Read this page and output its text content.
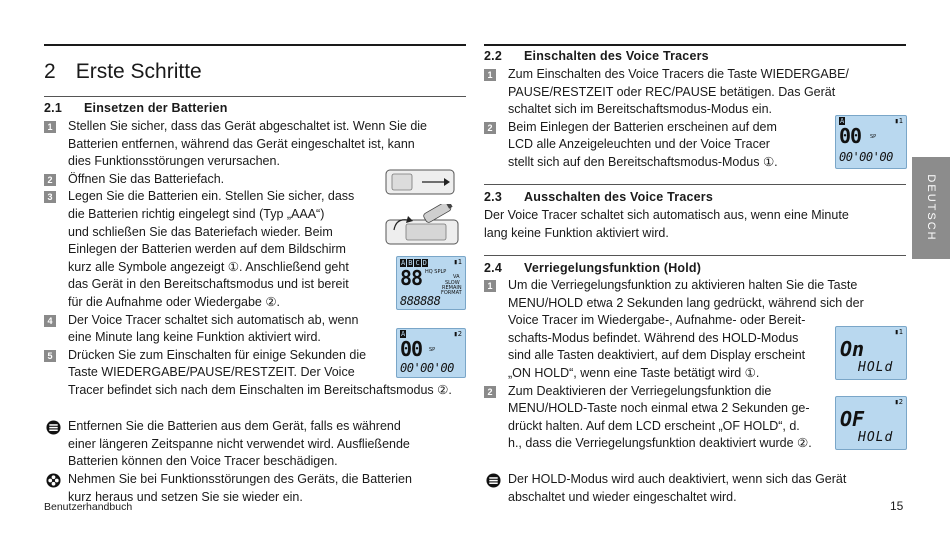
2 Erste Schritte
2.1 Einsetzen der Batterien
1 Stellen Sie sicher, dass das Gerät abgeschaltet ist. Wenn Sie die
Batterien entfernen, während das Gerät eingeschaltet ist, kann
dies Funktionsstörungen verursachen.
2 Öffnen Sie das Batteriefach.
3 Legen Sie die Batterien ein. Stellen Sie sicher, dass
die Batterien richtig eingelegt sind (Typ „AAA“)
und schließen Sie das Bateriefach wieder. Beim
Einlegen der Batterien werden auf dem Bildschirm
kurz alle Symbole angezeigt ①. Anschließend geht
das Gerät in den Bereitschaftsmodus und ist bereit
für die Aufnahme oder Wiedergabe ②.
4 Der Voice Tracer schaltet sich automatisch ab, wenn
eine Minute lang keine Funktion aktiviert wird.
5 Drücken Sie zum Einschalten für einige Sekunden die
Taste WIEDERGABE/PAUSE/RESTZEIT. Der Voice
Tracer befindet sich nach dem Einschalten im Bereitschaftsmodus ②.
A B C D	▮1
88 HQ SPLP
VA
SLOW
REMAIN
FORMAT
888888
A	▮2
00 SP
00'00'00
Entfernen Sie die Batterien aus dem Gerät, falls es während
einer längeren Zeitspanne nicht verwendet wird. Ausfließende
Batterien können den Voice Tracer beschädigen.
Nehmen Sie bei Funktionsstörungen des Geräts, die Batterien
kurz heraus und setzen Sie sie wieder ein.
Benutzerhandbuch
2.2 Einschalten des Voice Tracers
1 Zum Einschalten des Voice Tracers die Taste WIEDERGABE/
PAUSE/RESTZEIT oder REC/PAUSE betätigen. Das Gerät
schaltet sich im Bereitschaftsmodus-Modus ein.
2 Beim Einlegen der Batterien erscheinen auf dem
LCD alle Anzeigeleuchten und der Voice Tracer
stellt sich auf den Bereitschaftsmodus-Modus ①.
A	▮1
00 SP
00'00'00
2.3 Ausschalten des Voice Tracers
Der Voice Tracer schaltet sich automatisch aus, wenn eine Minute
lang keine Funktion aktiviert wird.
2.4 Verriegelungsfunktion (Hold)
1 Um die Verriegelungsfunktion zu aktivieren halten Sie die Taste
MENU/HOLD etwa 2 Sekunden lang gedrückt, während sich der
Voice Tracer im Wiedergabe-, Aufnahme- oder Bereit-
schafts-Modus befindet. Während des HOLD-Modus
sind alle Tasten deaktiviert, auf dem Display erscheint
„ON HOLD“, wenn eine Taste betätigt wird ①.
2 Zum Deaktivieren der Verriegelungsfunktion die
MENU/HOLD-Taste noch einmal etwa 2 Sekunden ge-
drückt halten. Auf dem LCD erscheint „OF HOLD“, d.
h., dass die Verriegelungsfunktion deaktiviert wurde ②.
▮1
On
HOLd
▮2
OF
HOLd
Der HOLD-Modus wird auch deaktiviert, wenn sich das Gerät
abschaltet und wieder eingeschaltet wird.
15
DEUTSCH
